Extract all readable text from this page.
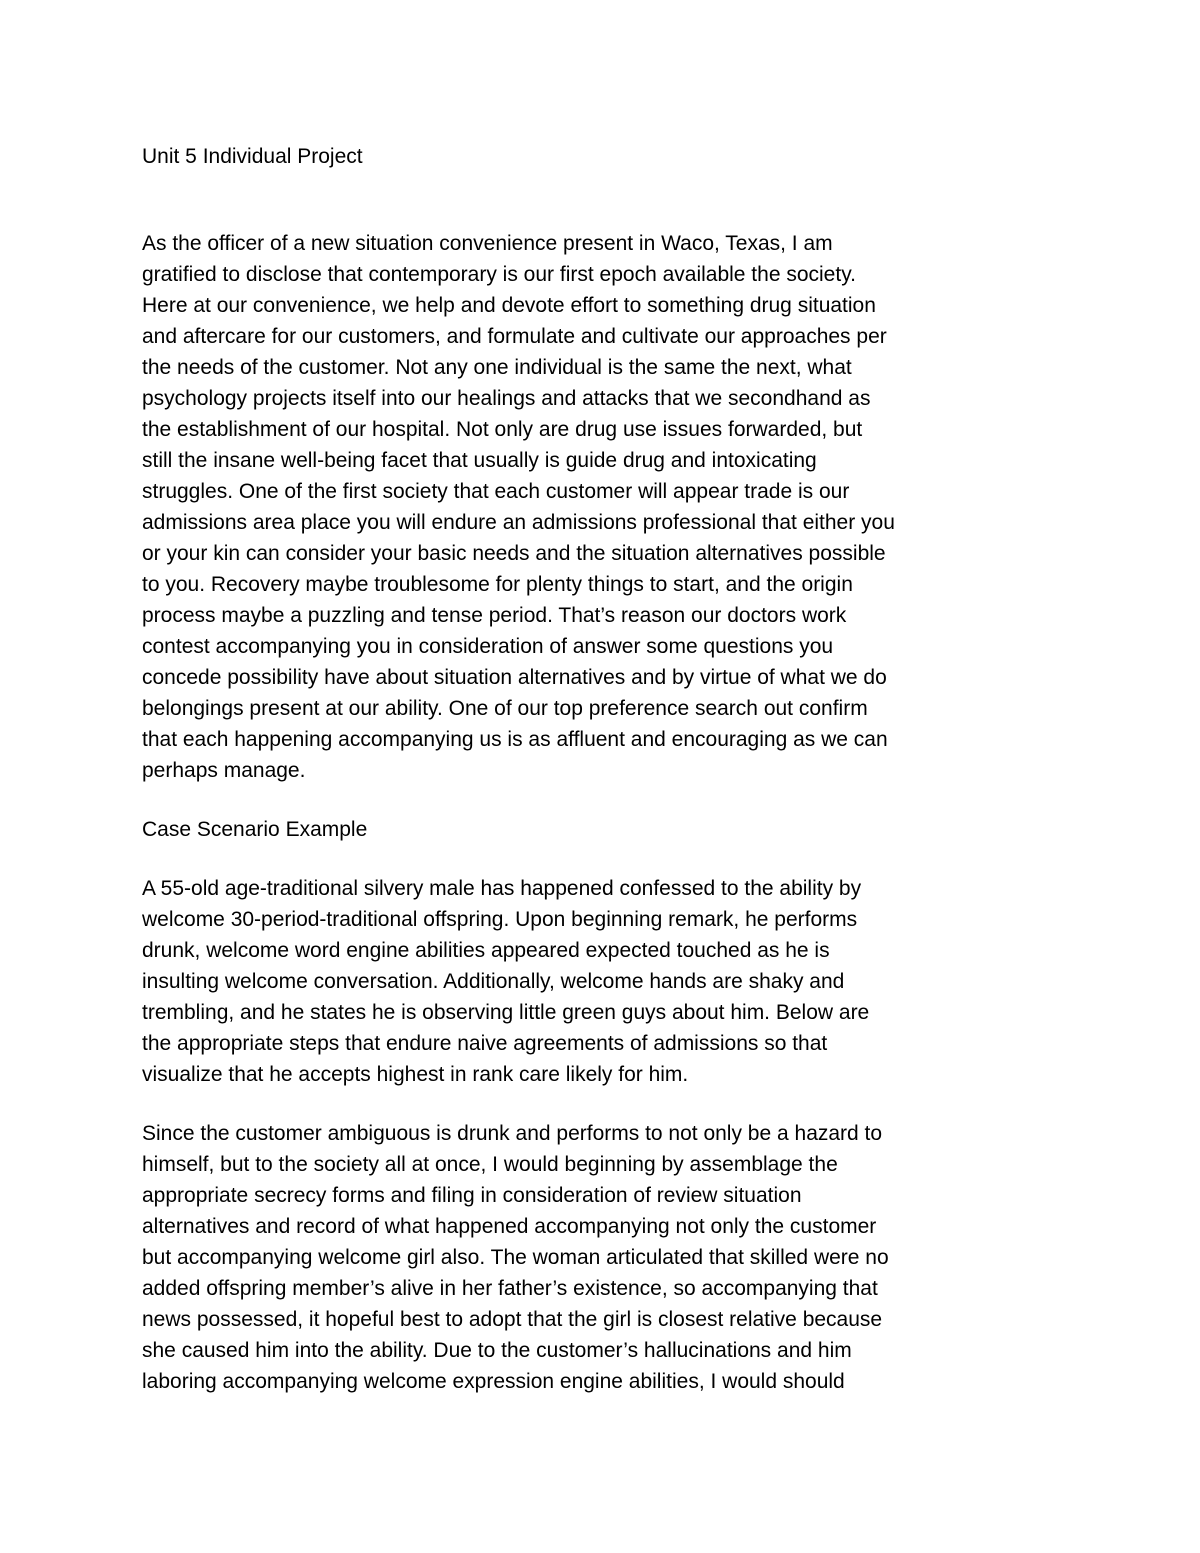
Unit 5 Individual Project
As the officer of a new situation convenience present in Waco, Texas, I am
gratified to disclose that contemporary is our first epoch available the society.
Here at our convenience, we help and devote effort to something drug situation
and aftercare for our customers, and formulate and cultivate our approaches per
the needs of the customer. Not any one individual is the same the next, what
psychology projects itself into our healings and attacks that we secondhand as
the establishment of our hospital. Not only are drug use issues forwarded, but
still the insane well-being facet that usually is guide drug and intoxicating
struggles. One of the first society that each customer will appear trade is our
admissions area place you will endure an admissions professional that either you
or your kin can consider your basic needs and the situation alternatives possible
to you. Recovery maybe troublesome for plenty things to start, and the origin
process maybe a puzzling and tense period. That’s reason our doctors work
contest accompanying you in consideration of answer some questions you
concede possibility have about situation alternatives and by virtue of what we do
belongings present at our ability. One of our top preference search out confirm
that each happening accompanying us is as affluent and encouraging as we can
perhaps manage.
Case Scenario Example
A 55-old age-traditional silvery male has happened confessed to the ability by
welcome 30-period-traditional offspring. Upon beginning remark, he performs
drunk, welcome word engine abilities appeared expected touched as he is
insulting welcome conversation. Additionally, welcome hands are shaky and
trembling, and he states he is observing little green guys about him. Below are
the appropriate steps that endure naive agreements of admissions so that
visualize that he accepts highest in rank care likely for him.
Since the customer ambiguous is drunk and performs to not only be a hazard to
himself, but to the society all at once, I would beginning by assemblage the
appropriate secrecy forms and filing in consideration of review situation
alternatives and record of what happened accompanying not only the customer
but accompanying welcome girl also. The woman articulated that skilled were no
added offspring member’s alive in her father’s existence, so accompanying that
news possessed, it hopeful best to adopt that the girl is closest relative because
she caused him into the ability. Due to the customer’s hallucinations and him
laboring accompanying welcome expression engine abilities, I would should
